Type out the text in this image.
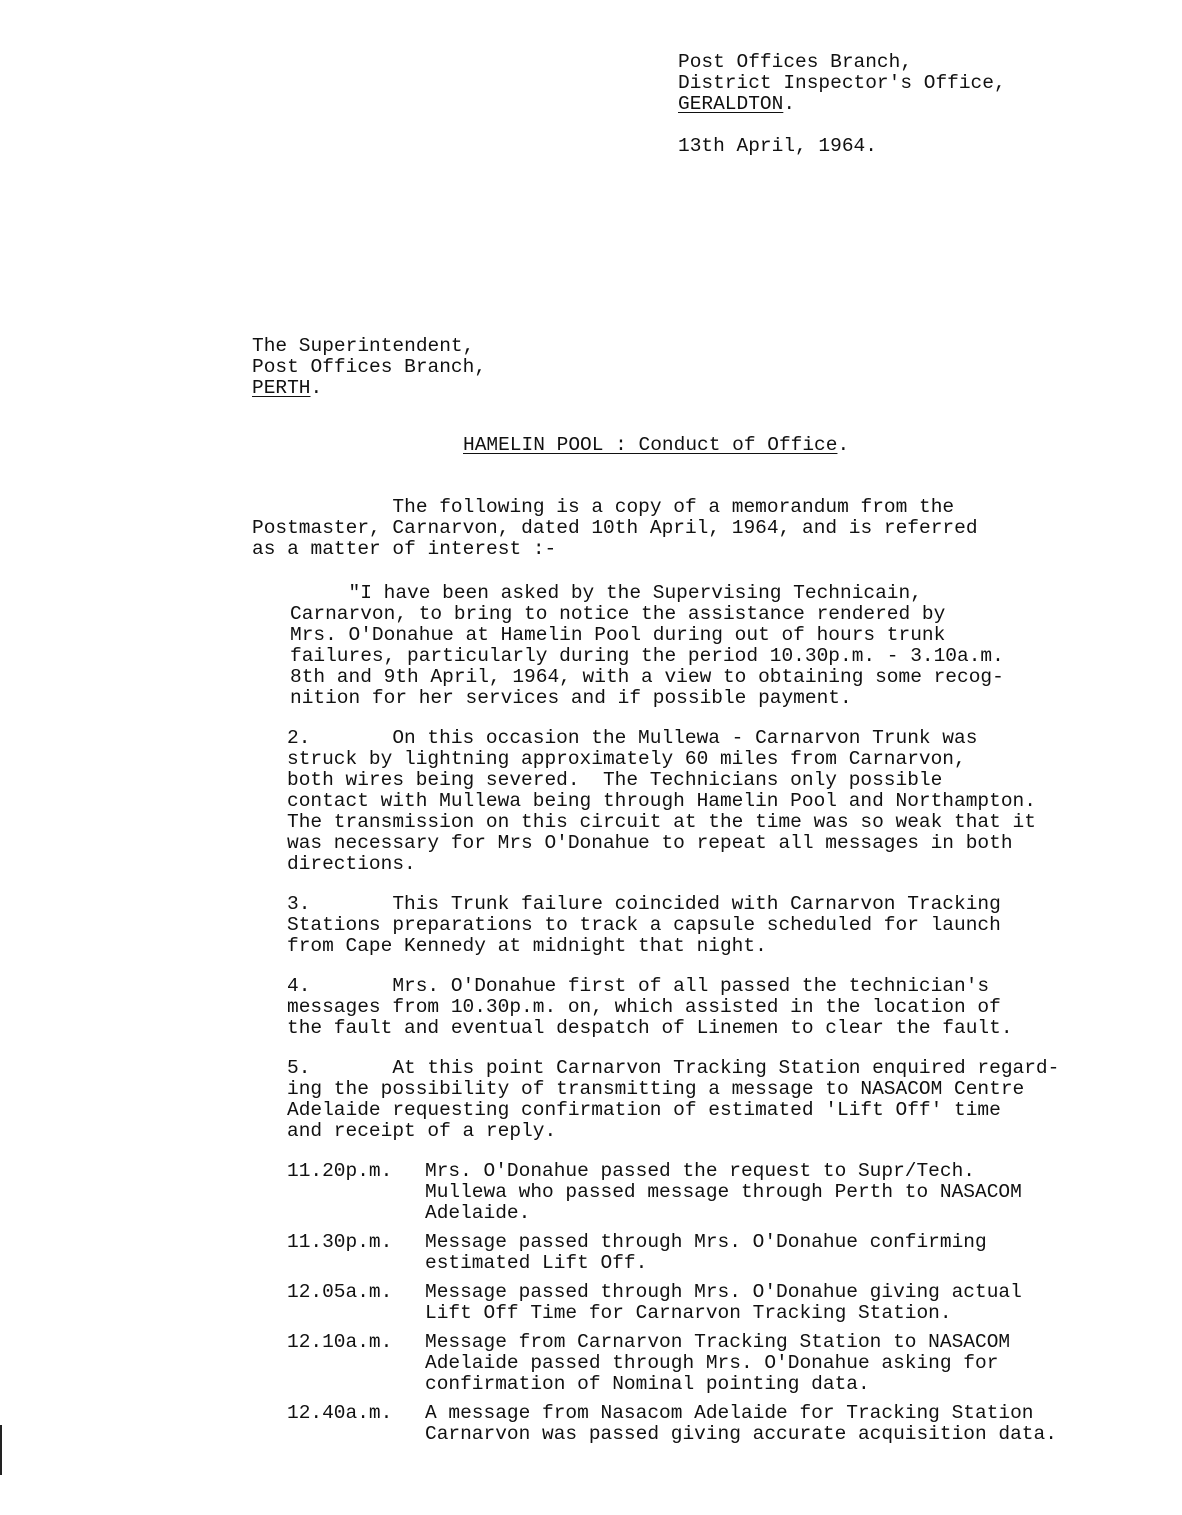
Post Offices Branch,
District Inspector's Office,
GERALDTON.
13th April, 1964.
The Superintendent,
Post Offices Branch,
PERTH.
HAMELIN POOL : Conduct of Office.
The following is a copy of a memorandum from the
Postmaster, Carnarvon, dated 10th April, 1964, and is referred
as a matter of interest :-
"I have been asked by the Supervising Technicain,
Carnarvon, to bring to notice the assistance rendered by
Mrs. O'Donahue at Hamelin Pool during out of hours trunk
failures, particularly during the period 10.30p.m. - 3.10a.m.
8th and 9th April, 1964, with a view to obtaining some recog-
nition for her services and if possible payment.
2.       On this occasion the Mullewa - Carnarvon Trunk was
struck by lightning approximately 60 miles from Carnarvon,
both wires being severed.  The Technicians only possible
contact with Mullewa being through Hamelin Pool and Northampton.
The transmission on this circuit at the time was so weak that it
was necessary for Mrs O'Donahue to repeat all messages in both
directions.
3.       This Trunk failure coincided with Carnarvon Tracking
Stations preparations to track a capsule scheduled for launch
from Cape Kennedy at midnight that night.
4.       Mrs. O'Donahue first of all passed the technician's
messages from 10.30p.m. on, which assisted in the location of
the fault and eventual despatch of Linemen to clear the fault.
5.       At this point Carnarvon Tracking Station enquired regard-
ing the possibility of transmitting a message to NASACOM Centre
Adelaide requesting confirmation of estimated 'Lift Off' time
and receipt of a reply.
11.20p.m. Mrs. O'Donahue passed the request to Supr/Tech.
Mullewa who passed message through Perth to NASACOM
Adelaide.
11.30p.m. Message passed through Mrs. O'Donahue confirming
estimated Lift Off.
12.05a.m. Message passed through Mrs. O'Donahue giving actual
Lift Off Time for Carnarvon Tracking Station.
12.10a.m. Message from Carnarvon Tracking Station to NASACOM
Adelaide passed through Mrs. O'Donahue asking for
confirmation of Nominal pointing data.
12.40a.m. A message from Nasacom Adelaide for Tracking Station
Carnarvon was passed giving accurate acquisition data.
